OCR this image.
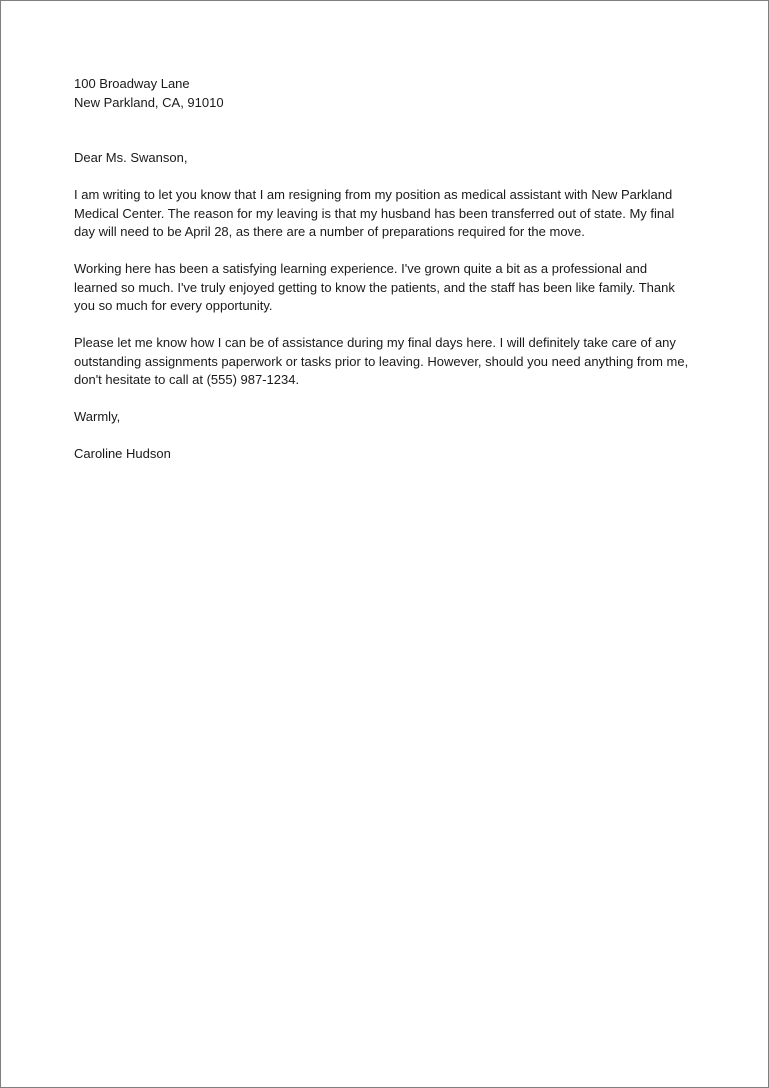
100 Broadway Lane
New Parkland, CA, 91010

Dear Ms. Swanson,

I am writing to let you know that I am resigning from my position as medical assistant with New Parkland Medical Center. The reason for my leaving is that my husband has been transferred out of state. My final day will need to be April 28, as there are a number of preparations required for the move.

Working here has been a satisfying learning experience. I've grown quite a bit as a professional and learned so much. I've truly enjoyed getting to know the patients, and the staff has been like family. Thank you so much for every opportunity.

Please let me know how I can be of assistance during my final days here. I will definitely take care of any outstanding assignments paperwork or tasks prior to leaving. However, should you need anything from me, don't hesitate to call at (555) 987-1234.

Warmly,

Caroline Hudson
